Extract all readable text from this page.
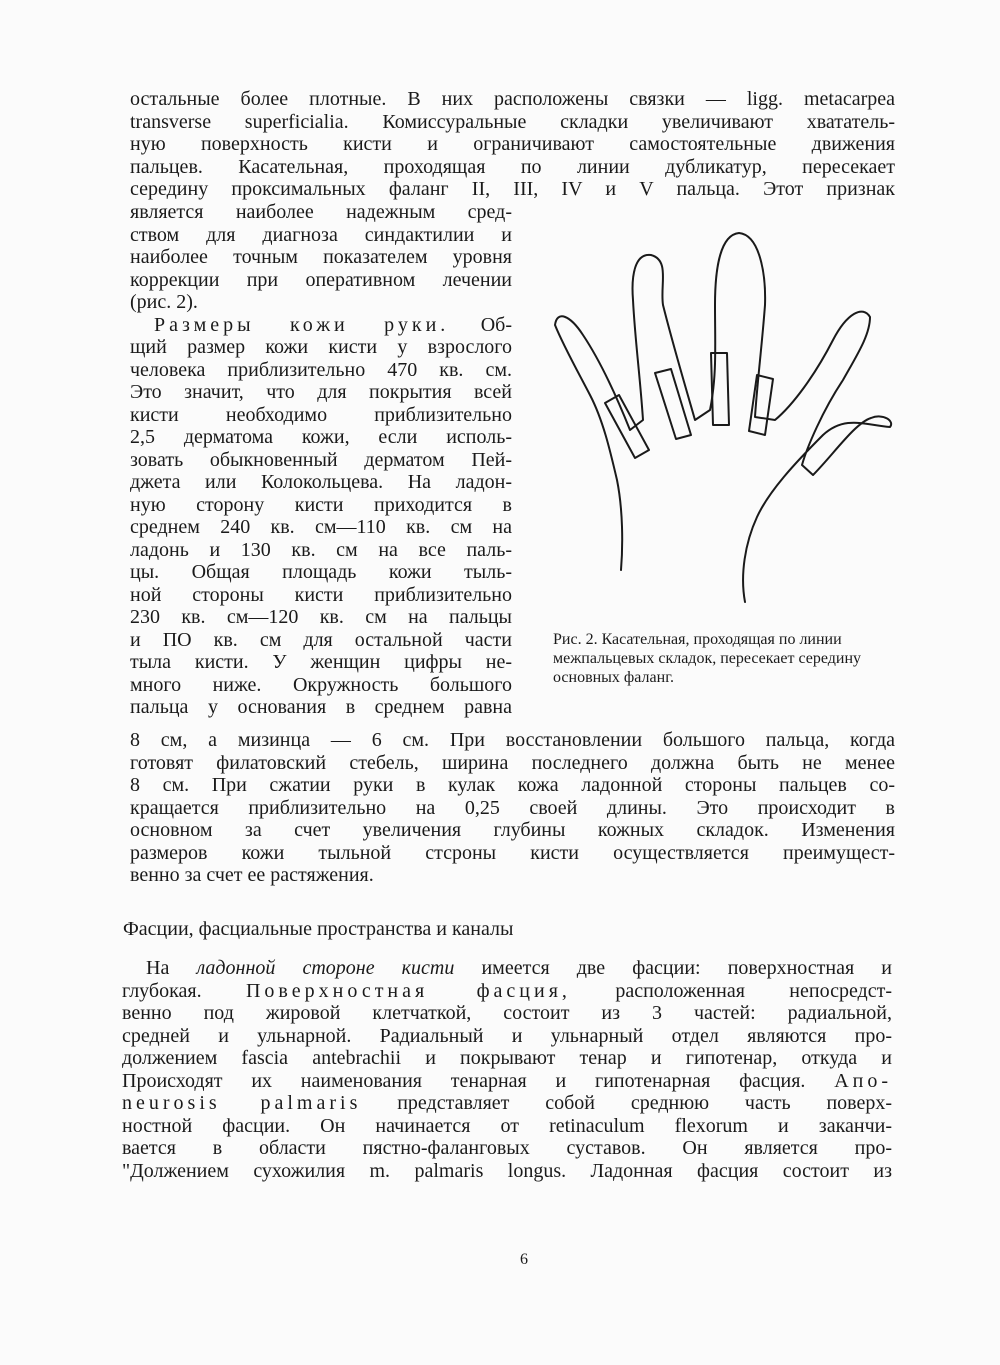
остальные более плотные. В них расположены связки — ligg. metacarpea
transverse superficialia. Комиссуральные складки увеличивают хвататель-
ную поверхность кисти и ограничивают самостоятельные движения
пальцев. Касательная, проходящая по линии дубликатур, пересекает
середину проксимальных фаланг II, III, IV и V пальца. Этот признак
является наиболее надежным сред-
ством для диагноза синдактилии и
наиболее точным показателем уровня
коррекции при оперативном лечении
(рис. 2).
Размеры кожи руки. Об-
щий размер кожи кисти у взрослого
человека приблизительно 470 кв. см.
Это значит, что для покрытия всей
кисти необходимо приблизительно
2,5 дерматома кожи, если исполь-
зовать обыкновенный дерматом Пей-
джета или Колокольцева. На ладон-
ную сторону кисти приходится в
среднем 240 кв. см—110 кв. см на
ладонь и 130 кв. см на все паль-
цы. Общая площадь кожи тыль-
ной стороны кисти приблизительно
230 кв. см—120 кв. см на пальцы
и ПО кв. см для остальной части
тыла кисти. У женщин цифры не-
много ниже. Окружность большого
пальца у основания в среднем равна
Рис. 2. Касательная, проходящая по линии межпальцевых складок, пересекает середину основных фаланг.
8 см, а мизинца — 6 см. При восстановлении большого пальца, когда
готовят филатовский стебель, ширина последнего должна быть не менее
8 см. При сжатии руки в кулак кожа ладонной стороны пальцев со-
кращается приблизительно на 0,25 своей длины. Это происходит в
основном за счет увеличения глубины кожных складок. Изменения
размеров кожи тыльной стсроны кисти осуществляется преимущест-
венно за счет ее растяжения.
Фасции, фасциальные пространства и каналы
На ладонной стороне кисти имеется две фасции: поверхностная и
глубокая. Поверхностная фасция, расположенная непосредст-
венно под жировой клетчаткой, состоит из 3 частей: радиальной,
средней и ульнарной. Радиальный и ульнарный отдел являются про-
должением fascia antebrachii и покрывают тенар и гипотенар, откуда и
Происходят их наименования тенарная и гипотенарная фасция. Апо-
neurosis palmaris представляет собой среднюю часть поверх-
ностной фасции. Он начинается от retinaculum flexorum и заканчи-
вается в области пястно-фаланговых суставов. Он является про-
"Должением сухожилия m. palmaris longus. Ладонная фасция состоит из
6
